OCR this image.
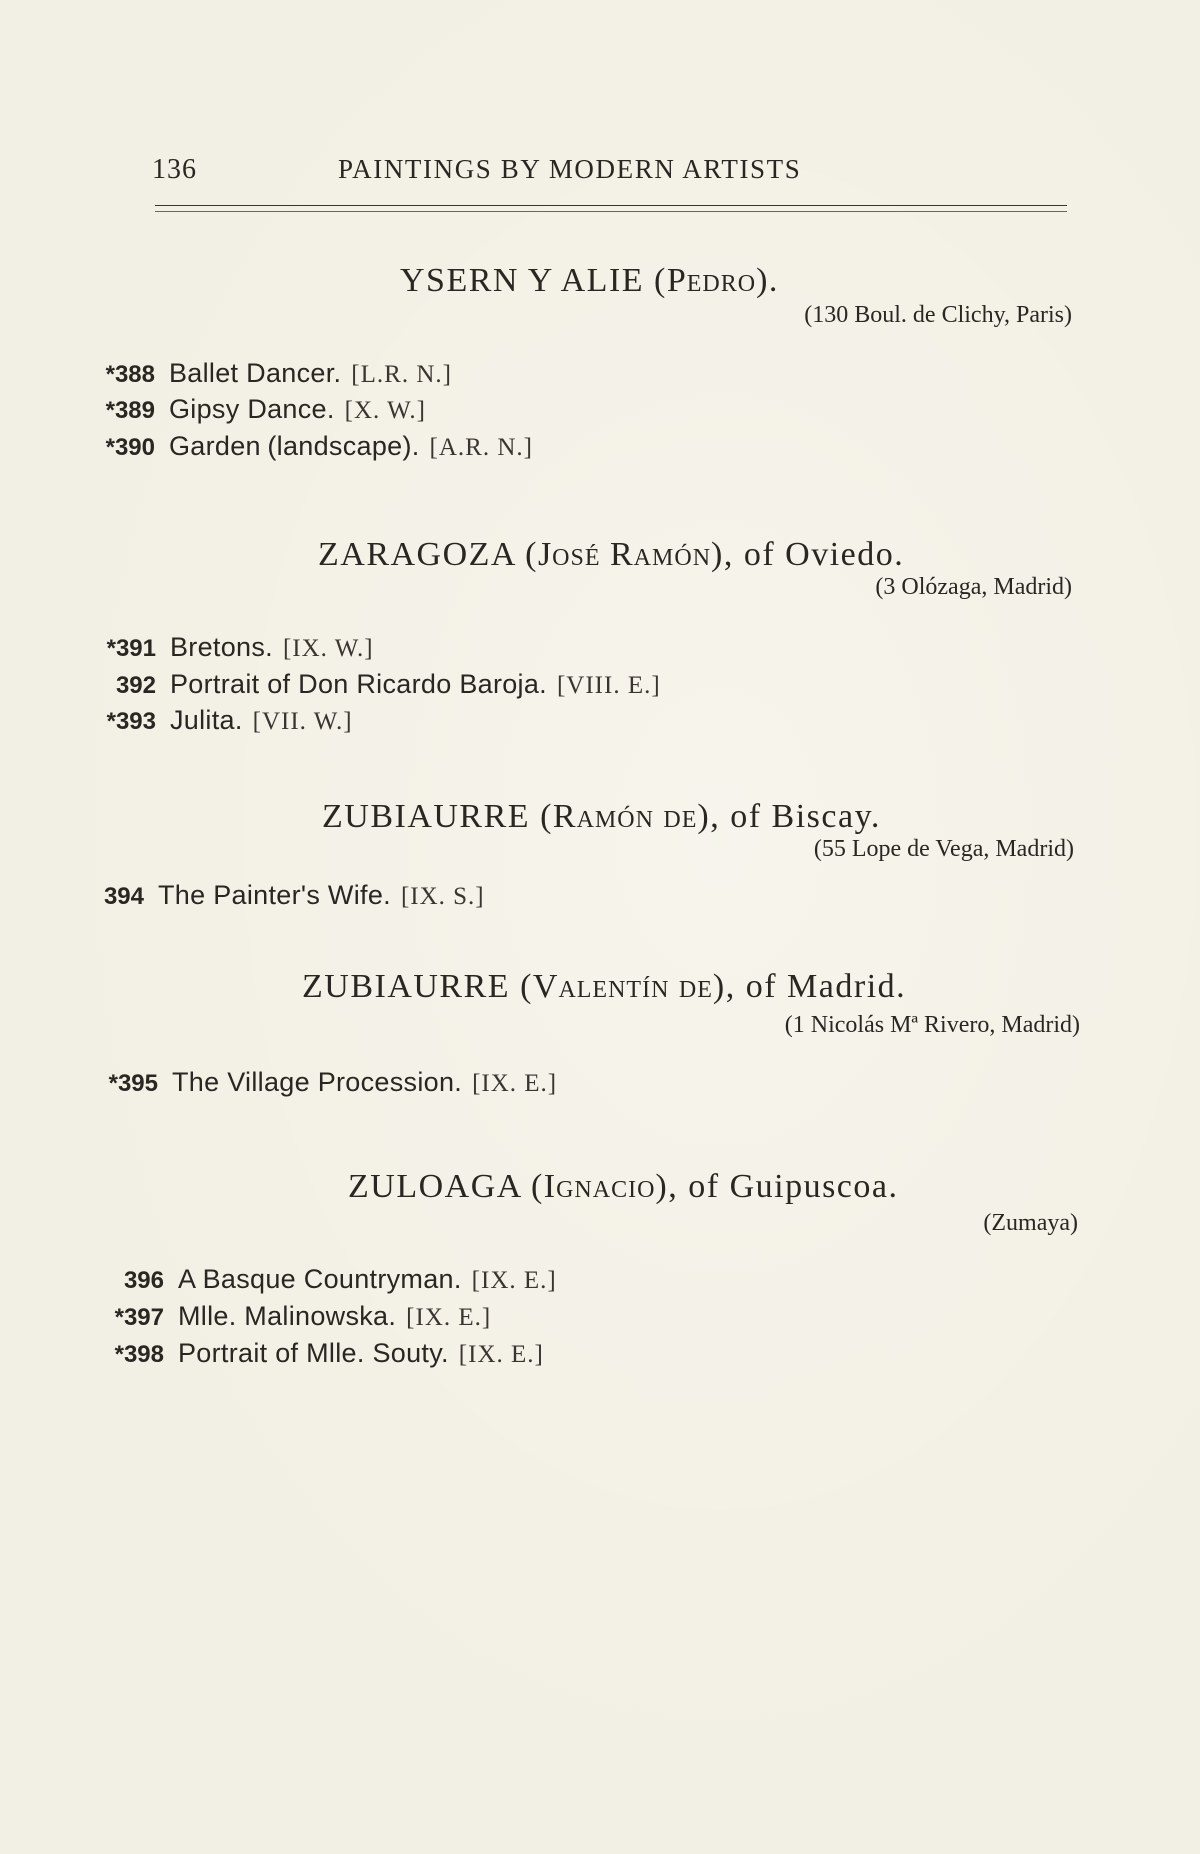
136	PAINTINGS BY MODERN ARTISTS
YSERN Y ALIE (Pedro).
(130 Boul. de Clichy, Paris)
*388 Ballet Dancer. [L.R. N.]
*389 Gipsy Dance. [X. W.]
*390 Garden (landscape). [A.R. N.]
ZARAGOZA (José Ramón), of Oviedo.
(3 Olózaga, Madrid)
*391 Bretons. [IX. W.]
392 Portrait of Don Ricardo Baroja. [VIII. E.]
*393 Julita. [VII. W.]
ZUBIAURRE (Ramón de), of Biscay.
(55 Lope de Vega, Madrid)
394 The Painter's Wife. [IX. S.]
ZUBIAURRE (Valentín de), of Madrid.
(1 Nicolás Mª Rivero, Madrid)
*395 The Village Procession. [IX. E.]
ZULOAGA (Ignacio), of Guipuscoa.
(Zumaya)
396 A Basque Countryman. [IX. E.]
*397 Mlle. Malinowska. [IX. E.]
*398 Portrait of Mlle. Souty. [IX. E.]
